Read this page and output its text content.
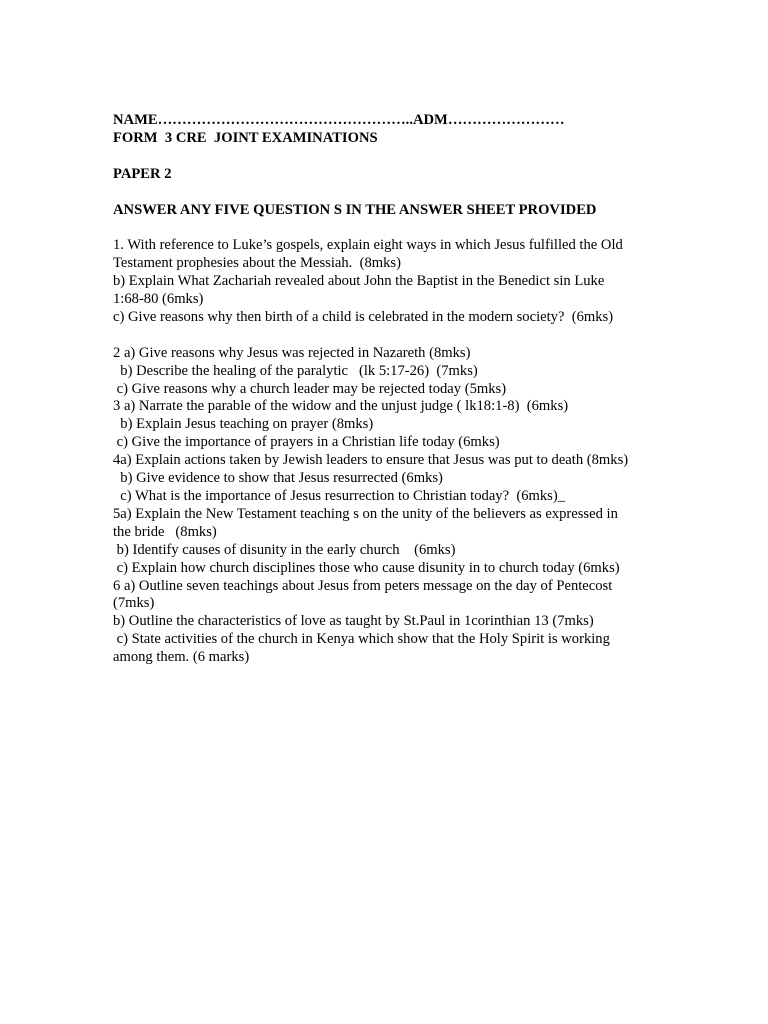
NAME……………………………………………..ADM……………………
FORM  3 CRE  JOINT EXAMINATIONS
PAPER 2
ANSWER ANY FIVE QUESTION S IN THE ANSWER SHEET PROVIDED
1. With reference to Luke’s gospels, explain eight ways in which Jesus fulfilled the Old
Testament prophesies about the Messiah.  (8mks)
b) Explain What Zachariah revealed about John the Baptist in the Benedict sin Luke
1:68-80 (6mks)
c) Give reasons why then birth of a child is celebrated in the modern society?  (6mks)
2 a) Give reasons why Jesus was rejected in Nazareth (8mks)
b) Describe the healing of the paralytic   (lk 5:17-26)  (7mks)
c) Give reasons why a church leader may be rejected today (5mks)
3 a) Narrate the parable of the widow and the unjust judge ( lk18:1-8)  (6mks)
b) Explain Jesus teaching on prayer (8mks)
c) Give the importance of prayers in a Christian life today (6mks)
4a) Explain actions taken by Jewish leaders to ensure that Jesus was put to death (8mks)
b) Give evidence to show that Jesus resurrected (6mks)
c) What is the importance of Jesus resurrection to Christian today?  (6mks)_
5a) Explain the New Testament teaching s on the unity of the believers as expressed in
the bride   (8mks)
b) Identify causes of disunity in the early church    (6mks)
c) Explain how church disciplines those who cause disunity in to church today (6mks)
6 a) Outline seven teachings about Jesus from peters message on the day of Pentecost
(7mks)
b) Outline the characteristics of love as taught by St.Paul in 1corinthian 13 (7mks)
c) State activities of the church in Kenya which show that the Holy Spirit is working
among them. (6 marks)
